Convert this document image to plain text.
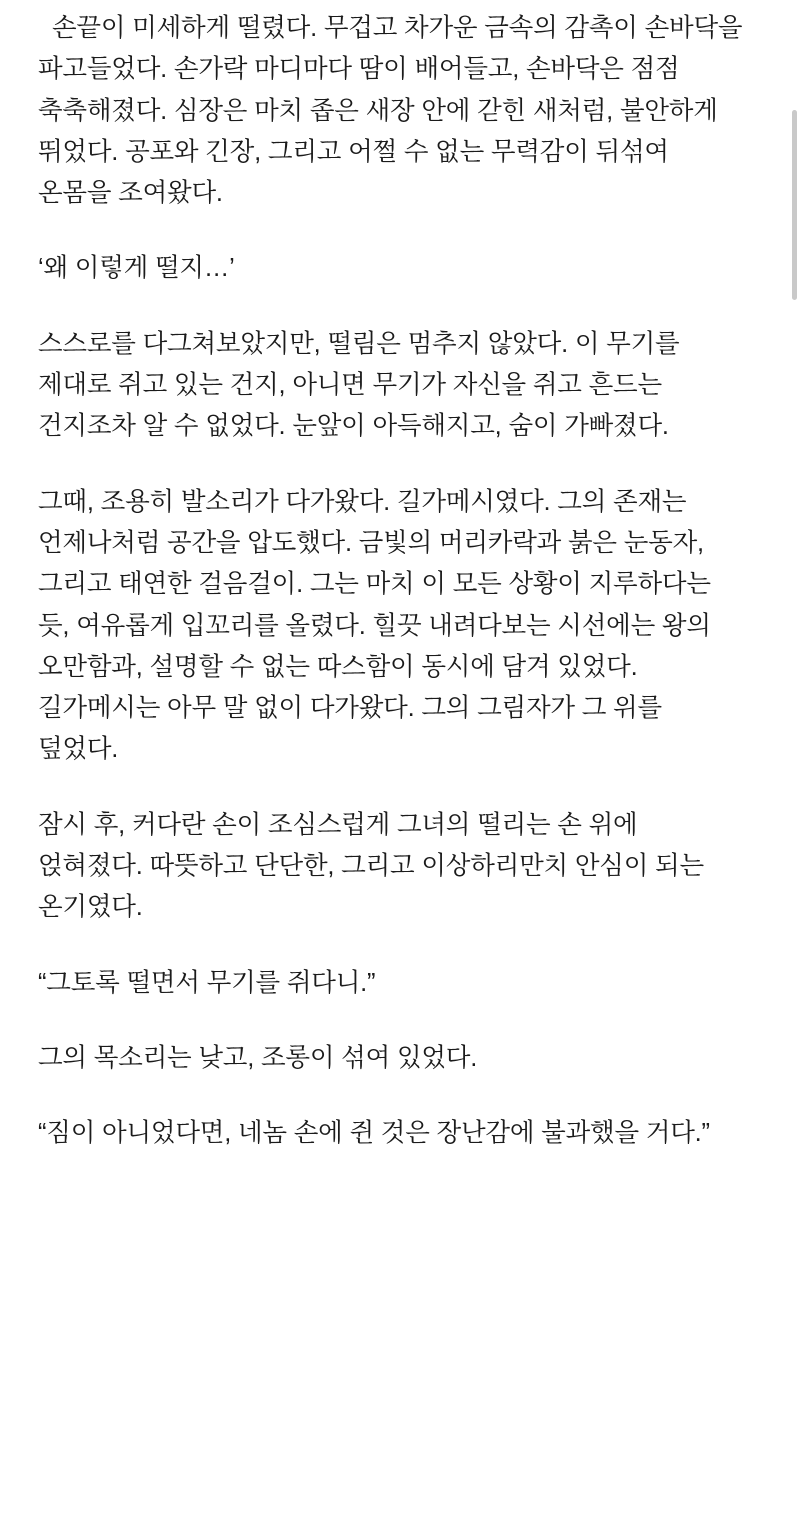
손끝이 미세하게 떨렸다. 무겁고 차가운 금속의 감촉이 손바닥을 파고들었다. 손가락 마디마다 땀이 배어들고, 손바닥은 점점 축축해졌다. 심장은 마치 좁은 새장 안에 갇힌 새처럼, 불안하게 뛰었다. 공포와 긴장, 그리고 어쩔 수 없는 무력감이 뒤섞여 온몸을 조여왔다.

‘왜 이렇게 떨지…’

스스로를 다그쳐보았지만, 떨림은 멈추지 않았다. 이 무기를 제대로 쥐고 있는 건지, 아니면 무기가 자신을 쥐고 흔드는 건지조차 알 수 없었다. 눈앞이 아득해지고, 숨이 가빠졌다.

그때, 조용히 발소리가 다가왔다. 길가메시였다. 그의 존재는 언제나처럼 공간을 압도했다. 금빛의 머리카락과 붉은 눈동자, 그리고 태연한 걸음걸이. 그는 마치 이 모든 상황이 지루하다는 듯, 여유롭게 입꼬리를 올렸다. 힐끗 내려다보는 시선에는 왕의 오만함과, 설명할 수 없는 따스함이 동시에 담겨 있었다. 길가메시는 아무 말 없이 다가왔다. 그의 그림자가 그 위를 덮었다.

잠시 후, 커다란 손이 조심스럽게 그녀의 떨리는 손 위에 얹혀졌다. 따뜻하고 단단한, 그리고 이상하리만치 안심이 되는 온기였다.

“그토록 떨면서 무기를 쥐다니.”

그의 목소리는 낮고, 조롱이 섞여 있었다.

“짐이 아니었다면, 네놈 손에 쥔 것은 장난감에 불과했을 거다.”
